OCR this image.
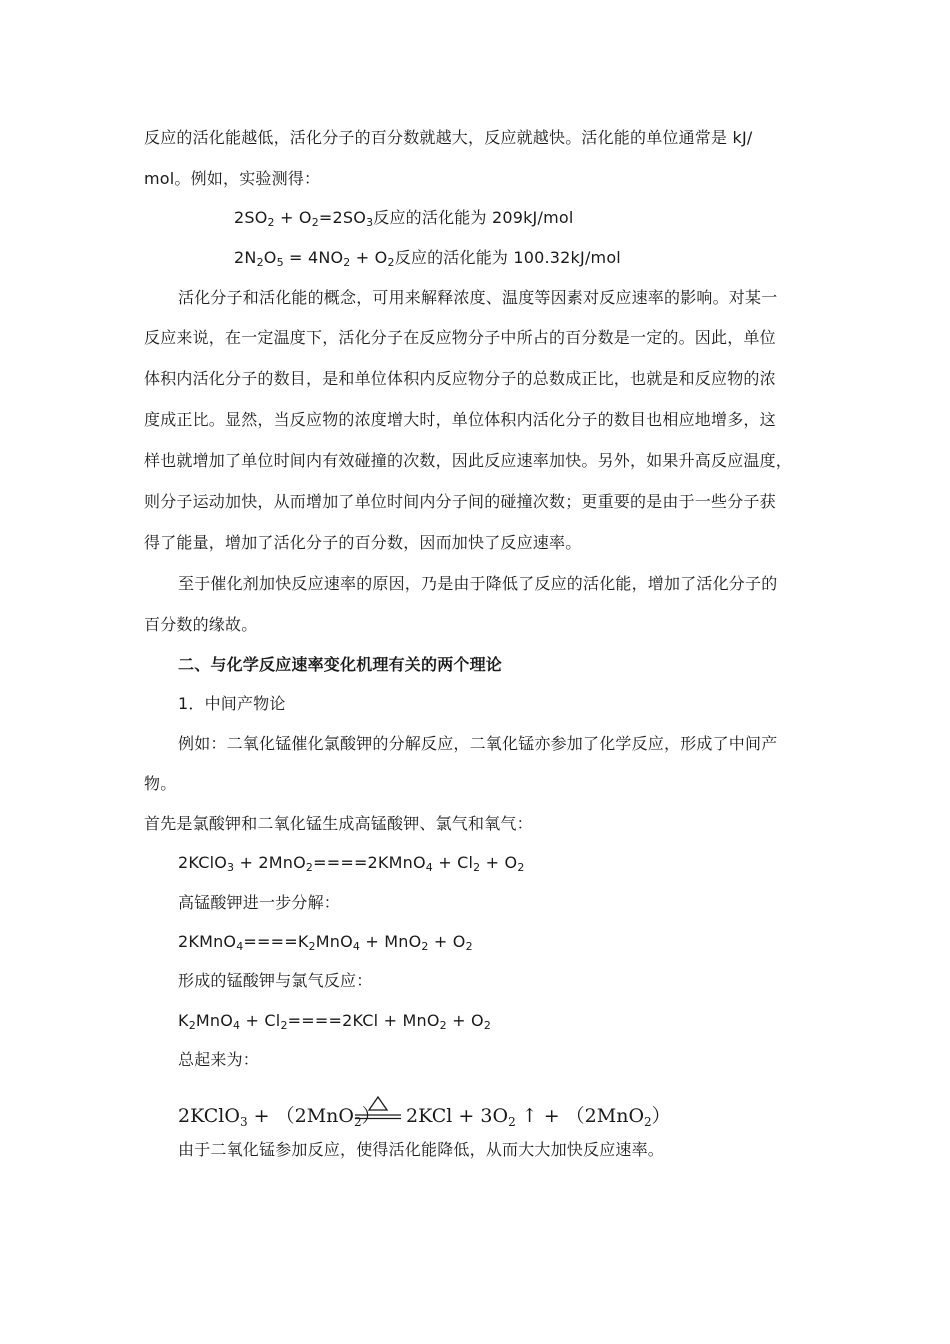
反应的活化能越低，活化分子的百分数就越大，反应就越快。活化能的单位通常是 kJ/
mol。例如，实验测得：
$2SO_2 + O_2=2SO_3$反应的活化能为 209kJ/mol
$2N_2O_5 = 4NO_2 + O_2$反应的活化能为 100.32kJ/mol
活化分子和活化能的概念，可用来解释浓度、温度等因素对反应速率的影响。对某一
反应来说，在一定温度下，活化分子在反应物分子中所占的百分数是一定的。因此，单位
体积内活化分子的数目，是和单位体积内反应物分子的总数成正比，也就是和反应物的浓
度成正比。显然，当反应物的浓度增大时，单位体积内活化分子的数目也相应地增多，这
样也就增加了单位时间内有效碰撞的次数，因此反应速率加快。另外，如果升高反应温度，
则分子运动加快，从而增加了单位时间内分子间的碰撞次数；更重要的是由于一些分子获
得了能量，增加了活化分子的百分数，因而加快了反应速率。
至于催化剂加快反应速率的原因，乃是由于降低了反应的活化能，增加了活化分子的
百分数的缘故。
二、与化学反应速率变化机理有关的两个理论
1．中间产物论
例如：二氧化锰催化氯酸钾的分解反应，二氧化锰亦参加了化学反应，形成了中间产
物。
首先是氯酸钾和二氧化锰生成高锰酸钾、氯气和氧气：
2KClO$_3$ + 2MnO$_2$====2KMnO$_4$ + $Cl_2 + O_2$
高锰酸钾进一步分解：
$2KMnO_4====K_2MnO_4 + MnO_2 + O_2$
形成的锰酸钾与氯气反应：
$K_2MnO_4 + Cl_2====2KCl + MnO_2 + O_2$
总起来为：
2KClO$_3$ + （2MnO$_2$） $2KCl + 3O_2$ ↑ + （2MnO$_2$）
由于二氧化锰参加反应，使得活化能降低，从而大大加快反应速率。
